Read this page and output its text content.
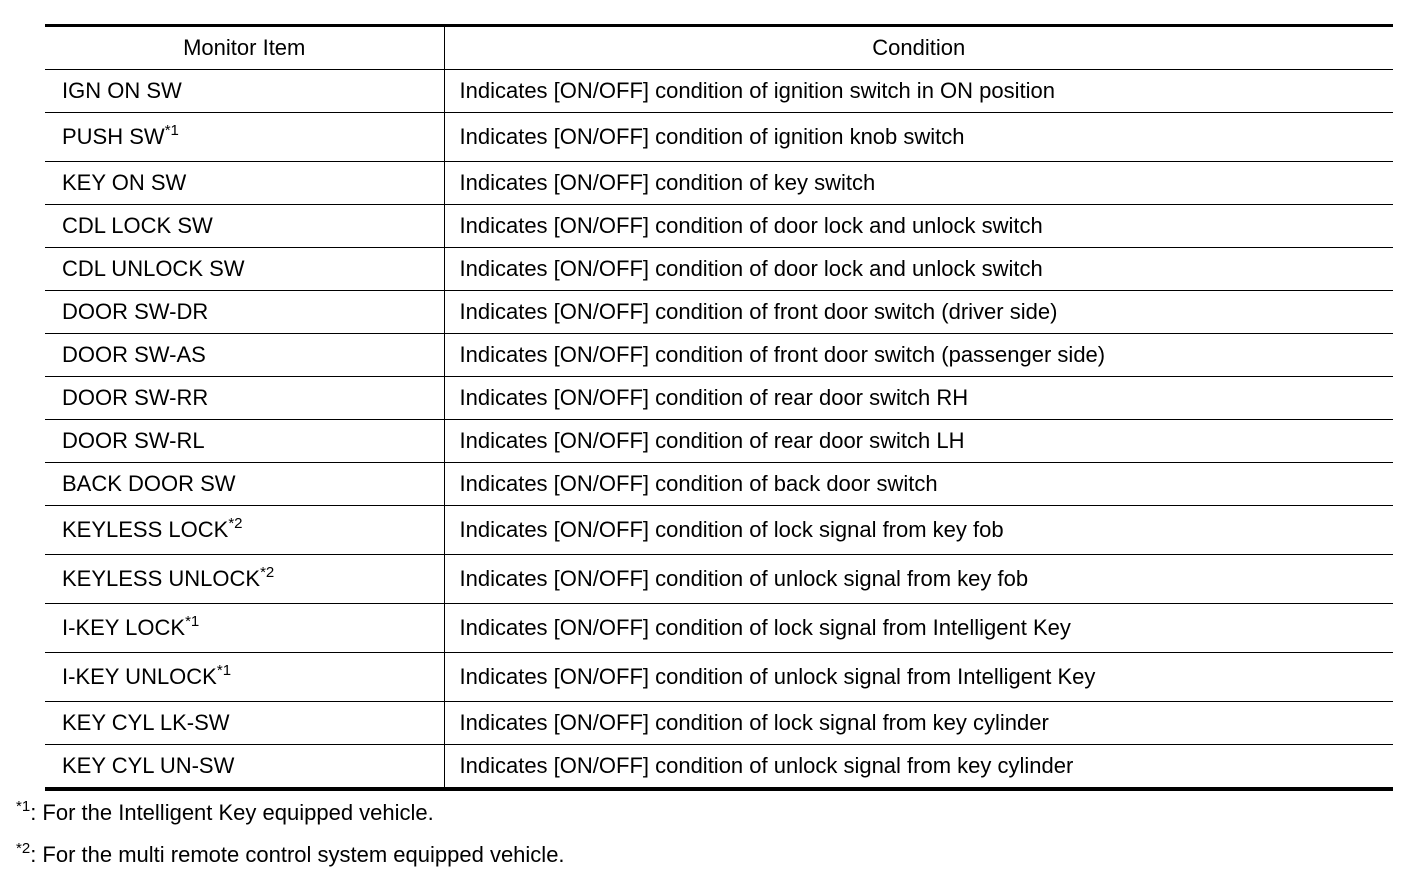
Monitor Item	Condition
IGN ON SW	Indicates [ON/OFF] condition of ignition switch in ON position
PUSH SW$^{*1}$	Indicates [ON/OFF] condition of ignition knob switch
KEY ON SW	Indicates [ON/OFF] condition of key switch
CDL LOCK SW	Indicates [ON/OFF] condition of door lock and unlock switch
CDL UNLOCK SW	Indicates [ON/OFF] condition of door lock and unlock switch
DOOR SW-DR	Indicates [ON/OFF] condition of front door switch (driver side)
DOOR SW-AS	Indicates [ON/OFF] condition of front door switch (passenger side)
DOOR SW-RR	Indicates [ON/OFF] condition of rear door switch RH
DOOR SW-RL	Indicates [ON/OFF] condition of rear door switch LH
BACK DOOR SW	Indicates [ON/OFF] condition of back door switch
KEYLESS LOCK$^{*2}$	Indicates [ON/OFF] condition of lock signal from key fob
KEYLESS UNLOCK$^{*2}$	Indicates [ON/OFF] condition of unlock signal from key fob
I-KEY LOCK$^{*1}$	Indicates [ON/OFF] condition of lock signal from Intelligent Key
I-KEY UNLOCK$^{*1}$	Indicates [ON/OFF] condition of unlock signal from Intelligent Key
KEY CYL LK-SW	Indicates [ON/OFF] condition of lock signal from key cylinder
KEY CYL UN-SW	Indicates [ON/OFF] condition of unlock signal from key cylinder
$^{*1}$: For the Intelligent Key equipped vehicle.
$^{*2}$: For the multi remote control system equipped vehicle.
